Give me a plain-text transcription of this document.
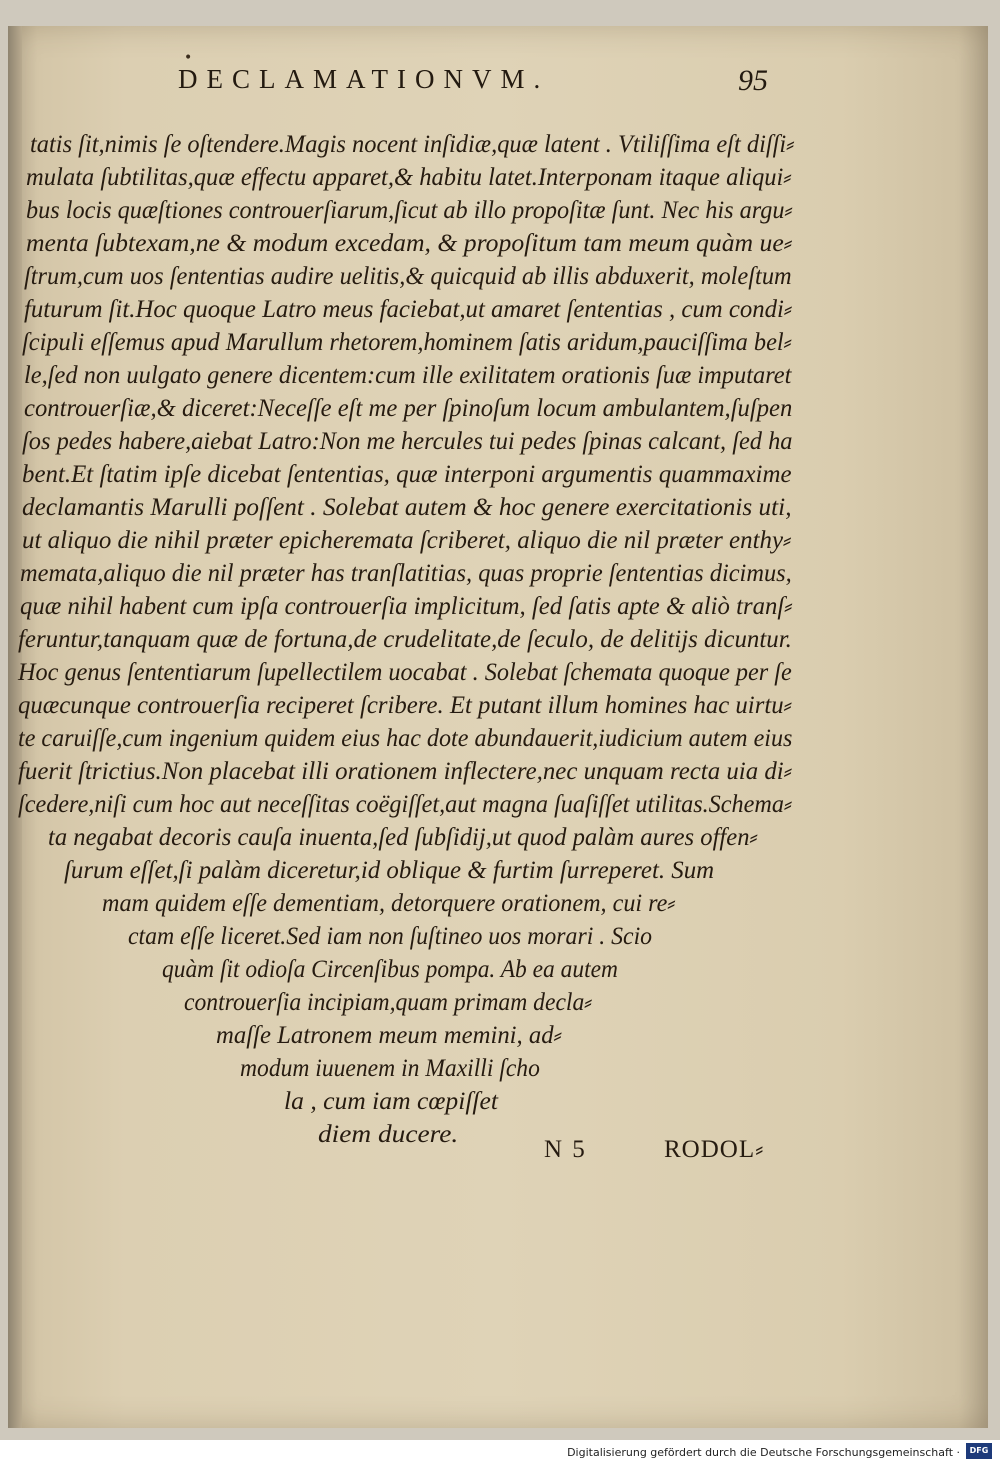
•
DECLAMATIONVM.	95
tatis ſit,nimis ſe oſtendere.Magis nocent inſidiæ,quæ latent . Vtiliſſima eſt diſſi⸗
mulata ſubtilitas,quæ effectu apparet,& habitu latet.Interponam itaque aliqui⸗
bus locis quæſtiones controuerſiarum,ſicut ab illo propoſitæ ſunt. Nec his argu⸗
menta ſubtexam,ne & modum excedam, & propoſitum tam meum quàm ue⸗
ſtrum,cum uos ſententias audire uelitis,& quicquid ab illis abduxerit, moleſtum
futurum ſit.Hoc quoque Latro meus faciebat,ut amaret ſententias , cum condi⸗
ſcipuli eſſemus apud Marullum rhetorem,hominem ſatis aridum,pauciſſima bel⸗
le,ſed non uulgato genere dicentem:cum ille exilitatem orationis ſuæ imputaret
controuerſiæ,& diceret:Neceſſe eſt me per ſpinoſum locum ambulantem,ſuſpen
ſos pedes habere,aiebat Latro:Non me hercules tui pedes ſpinas calcant, ſed ha
bent.Et ſtatim ipſe dicebat ſententias, quæ interponi argumentis quammaxime
declamantis Marulli poſſent . Solebat autem & hoc genere exercitationis uti,
ut aliquo die nihil præter epicheremata ſcriberet, aliquo die nil præter enthy⸗
memata,aliquo die nil præter has tranſlatitias, quas proprie ſententias dicimus,
quæ nihil habent cum ipſa controuerſia implicitum, ſed ſatis apte & aliò tranſ⸗
feruntur,tanquam quæ de fortuna,de crudelitate,de ſeculo, de delitijs dicuntur.
Hoc genus ſententiarum ſupellectilem uocabat . Solebat ſchemata quoque per ſe
quæcunque controuerſia reciperet ſcribere. Et putant illum homines hac uirtu⸗
te caruiſſe,cum ingenium quidem eius hac dote abundauerit,iudicium autem eius
fuerit ſtrictius.Non placebat illi orationem inflectere,nec unquam recta uia di⸗
ſcedere,niſi cum hoc aut neceſſitas coëgiſſet,aut magna ſuaſiſſet utilitas.Schema⸗
ta negabat decoris cauſa inuenta,ſed ſubſidij,ut quod palàm aures offen⸗
ſurum eſſet,ſi palàm diceretur,id oblique & furtim ſurreperet. Sum
mam quidem eſſe dementiam, detorquere orationem, cui re⸗
ctam eſſe liceret.Sed iam non ſuſtineo uos morari . Scio
quàm ſit odioſa Circenſibus pompa. Ab ea autem
controuerſia incipiam,quam primam decla⸗
maſſe Latronem meum memini, ad⸗
modum iuuenem in Maxilli ſcho
la , cum iam cœpiſſet
diem ducere.
N 5	RODOL⸗
Digitalisierung gefördert durch die Deutsche Forschungsgemeinschaft ·	DFG
